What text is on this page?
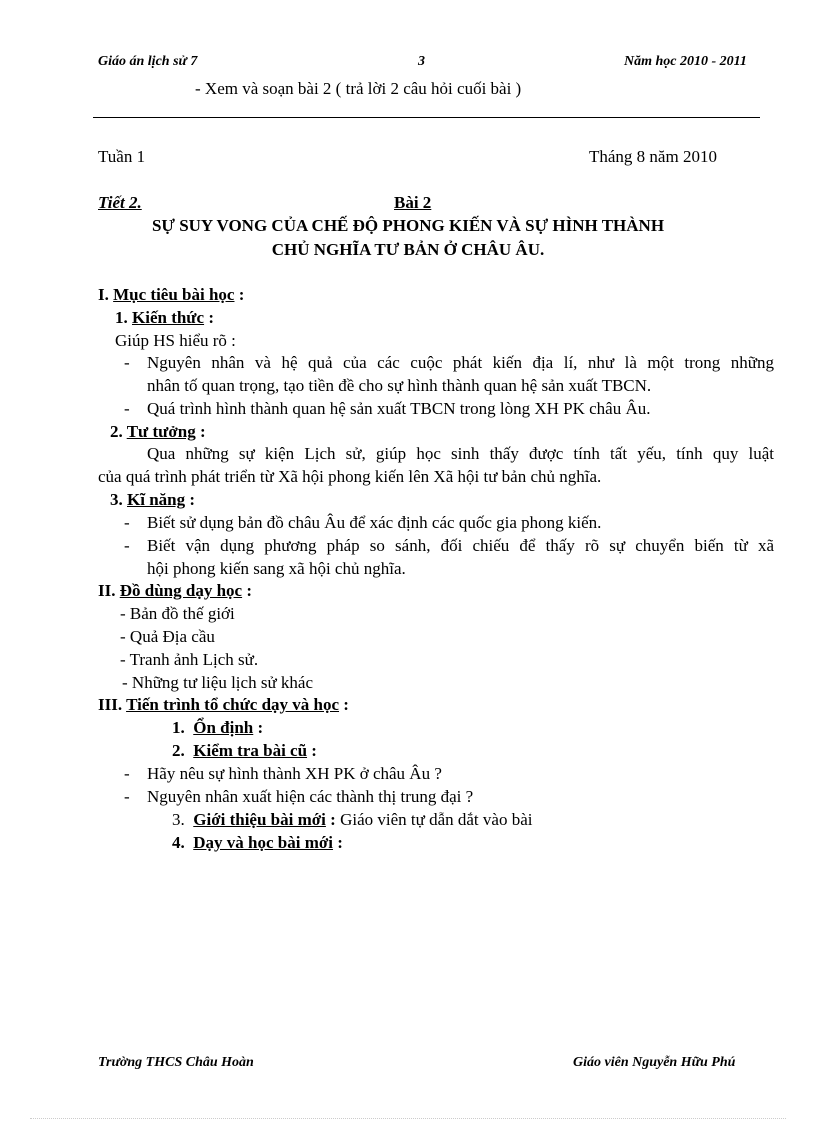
Giáo án lịch sử 7	3	Năm học 2010 - 2011
- Xem và soạn bài 2 ( trả lời 2 câu hỏi cuối bài )
Tuần 1	Tháng 8 năm 2010
Tiết 2.	Bài 2
SỰ SUY VONG CỦA CHẾ ĐỘ PHONG KIẾN VÀ SỰ HÌNH THÀNH
CHỦ NGHĨA TƯ BẢN Ở CHÂU ÂU.
I. Mục tiêu bài học :
1. Kiến thức :
Giúp HS hiểu rõ :
- Nguyên nhân và hệ quả của các cuộc phát kiến địa lí, như là một trong những
nhân tố quan trọng, tạo tiền đề cho sự hình thành quan hệ sản xuất TBCN.
- Quá trình hình thành quan hệ sản xuất TBCN trong lòng XH PK châu Âu.
2. Tư tưởng :
Qua những sự kiện Lịch sử, giúp học sinh thấy được tính tất yếu, tính quy luật
của quá trình phát triển từ Xã hội phong kiến lên Xã hội tư bản chủ nghĩa.
3. Kĩ năng :
- Biết sử dụng bản đồ châu Âu để xác định các quốc gia phong kiến.
- Biết vận dụng phương pháp so sánh, đối chiếu để thấy rõ sự chuyển biến từ xã
hội phong kiến sang xã hội chủ nghĩa.
II. Đồ dùng dạy học :
- Bản đồ thế giới
- Quả Địa cầu
- Tranh ảnh Lịch sử.
- Những tư liệu lịch sử khác
III. Tiến trình tổ chức dạy và học :
1. Ổn định :
2. Kiểm tra bài cũ :
- Hãy nêu sự hình thành XH PK ở châu Âu ?
- Nguyên nhân xuất hiện các thành thị trung đại ?
3. Giới thiệu bài mới : Giáo viên tự dẫn dắt vào bài
4. Dạy và học bài mới :
Trường THCS Châu Hoàn	Giáo viên Nguyễn Hữu Phú
